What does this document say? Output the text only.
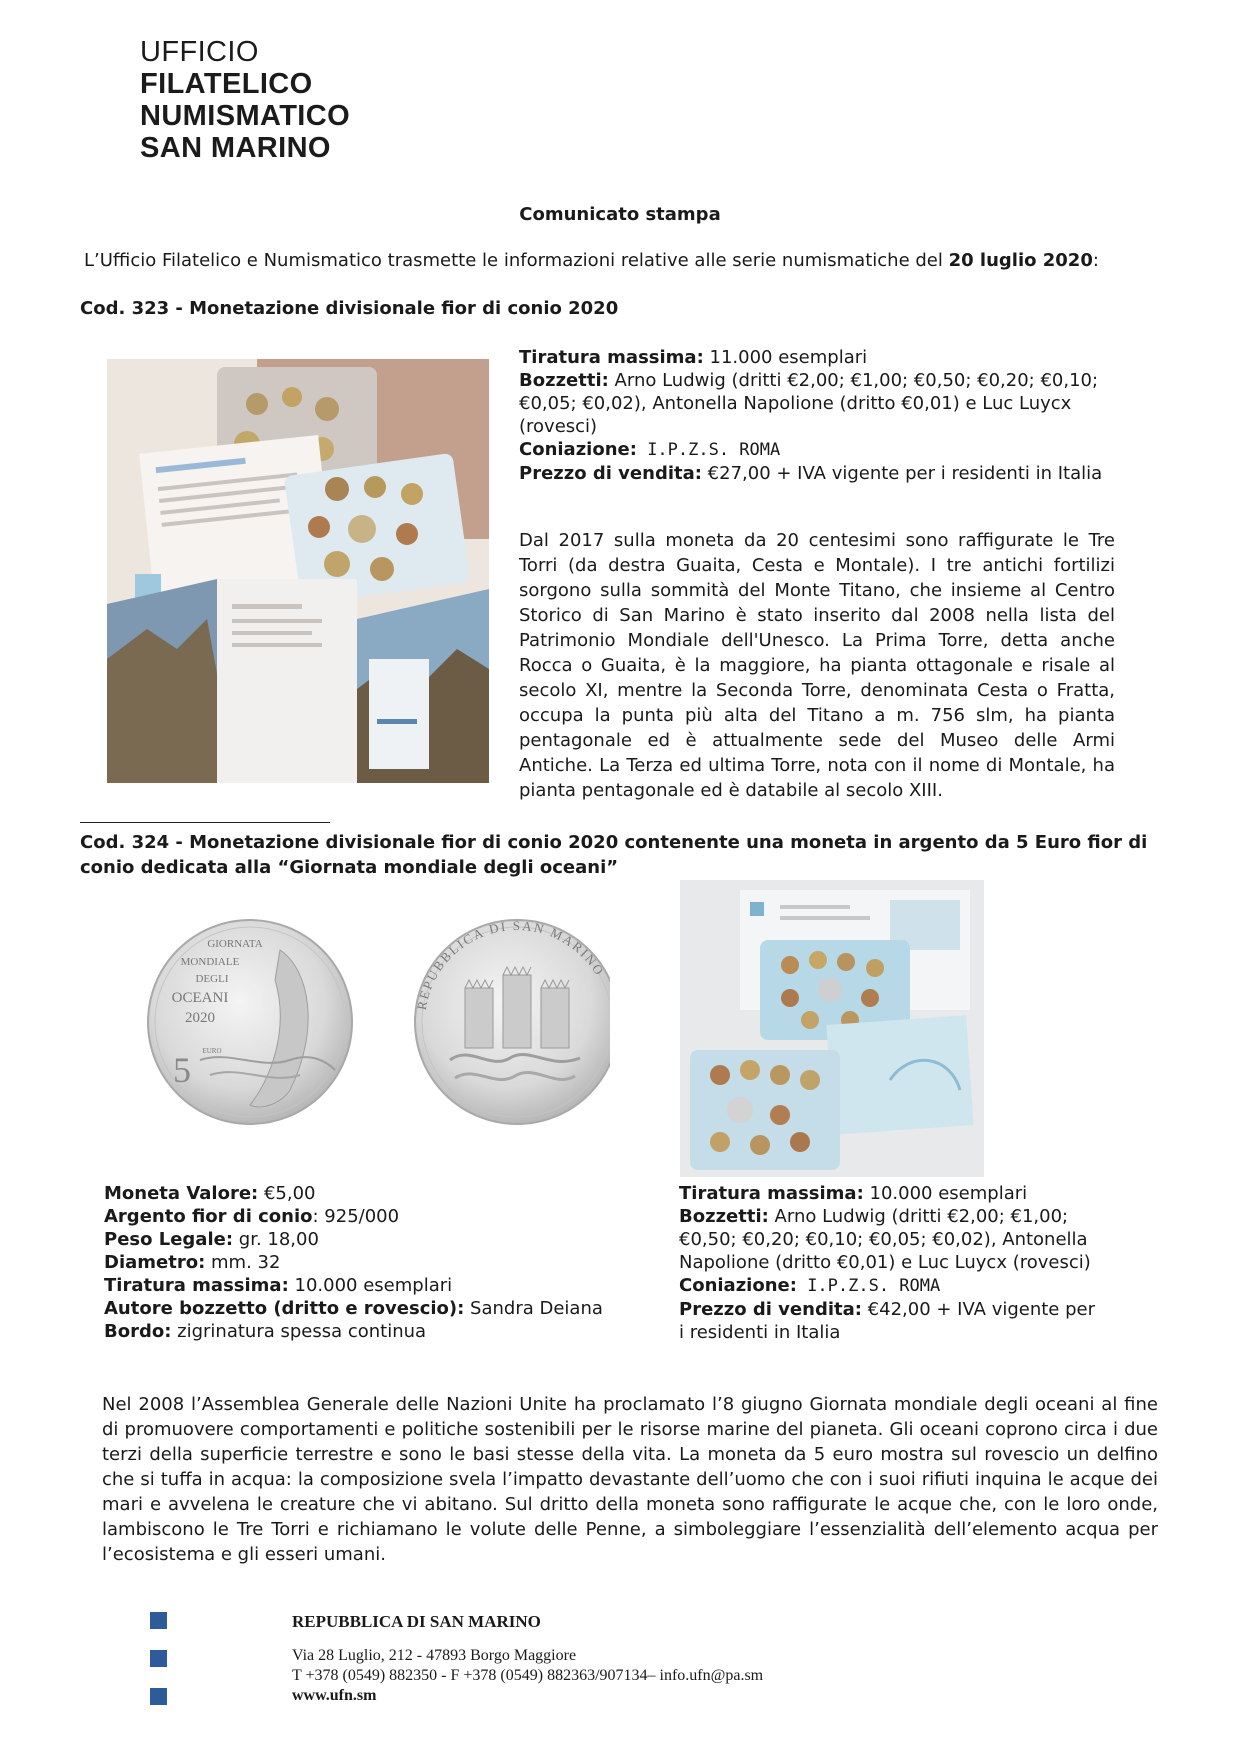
UFFICIO
FILATELICO
NUMISMATICO
SAN MARINO
Comunicato stampa
L’Ufficio Filatelico e Numismatico trasmette le informazioni relative alle serie numismatiche del 20 luglio 2020:
Cod. 323 - Monetazione divisionale fior di conio 2020
Tiratura massima: 11.000 esemplari
Bozzetti: Arno Ludwig (dritti €2,00; €1,00; €0,50; €0,20; €0,10; €0,05; €0,02), Antonella Napolione (dritto €0,01) e Luc Luycx (rovesci)
Coniazione: I.P.Z.S. ROMA
Prezzo di vendita: €27,00 + IVA vigente per i residenti in Italia
Dal 2017 sulla moneta da 20 centesimi sono raffigurate le Tre Torri (da destra Guaita, Cesta e Montale). I tre antichi fortilizi sorgono sulla sommità del Monte Titano, che insieme al Centro Storico di San Marino è stato inserito dal 2008 nella lista del Patrimonio Mondiale dell'Unesco. La Prima Torre, detta anche Rocca o Guaita, è la maggiore, ha pianta ottagonale e risale al secolo XI, mentre la Seconda Torre, denominata Cesta o Fratta, occupa la punta più alta del Titano a m. 756 slm, ha pianta pentagonale ed è attualmente sede del Museo delle Armi Antiche. La Terza ed ultima Torre, nota con il nome di Montale, ha pianta pentagonale ed è databile al secolo XIII.
Cod. 324 - Monetazione divisionale fior di conio 2020 contenente una moneta in argento da 5 Euro fior di conio dedicata alla “Giornata mondiale degli oceani”
GIORNATA
MONDIALE
DEGLI
OCEANI
2020
5 EURO
REPUBBLICA DI SAN MARINO
Moneta Valore: €5,00
Argento fior di conio: 925/000
Peso Legale: gr. 18,00
Diametro: mm. 32
Tiratura massima: 10.000 esemplari
Autore bozzetto (dritto e rovescio): Sandra Deiana
Bordo: zigrinatura spessa continua
Tiratura massima: 10.000 esemplari
Bozzetti: Arno Ludwig (dritti €2,00; €1,00; €0,50; €0,20; €0,10; €0,05; €0,02), Antonella Napolione (dritto €0,01) e Luc Luycx (rovesci)
Coniazione: I.P.Z.S. ROMA
Prezzo di vendita: €42,00 + IVA vigente per i residenti in Italia
Nel 2008 l’Assemblea Generale delle Nazioni Unite ha proclamato l’8 giugno Giornata mondiale degli oceani al fine di promuovere comportamenti e politiche sostenibili per le risorse marine del pianeta. Gli oceani coprono circa i due terzi della superficie terrestre e sono le basi stesse della vita. La moneta da 5 euro mostra sul rovescio un delfino che si tuffa in acqua: la composizione svela l’impatto devastante dell’uomo che con i suoi rifiuti inquina le acque dei mari e avvelena le creature che vi abitano. Sul dritto della moneta sono raffigurate le acque che, con le loro onde, lambiscono le Tre Torri e richiamano le volute delle Penne, a simboleggiare l’essenzialità dell’elemento acqua per l’ecosistema e gli esseri umani.
REPUBBLICA DI SAN MARINO
Via 28 Luglio, 212 - 47893 Borgo Maggiore
T +378 (0549) 882350 - F +378 (0549) 882363/907134– info.ufn@pa.sm
www.ufn.sm
